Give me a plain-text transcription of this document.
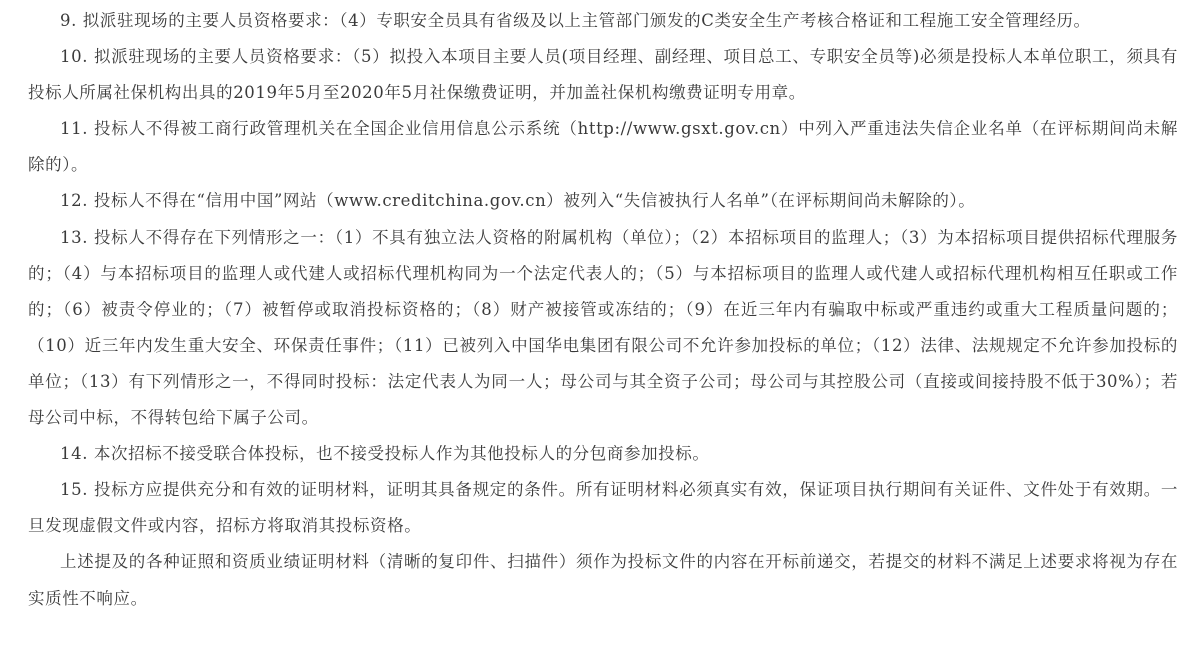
9. 拟派驻现场的主要人员资格要求：（4）专职安全员具有省级及以上主管部门颁发的C类安全生产考核合格证和工程施工安全管理经历。

10. 拟派驻现场的主要人员资格要求：（5）拟投入本项目主要人员(项目经理、副经理、项目总工、专职安全员等)必须是投标人本单位职工，须具有投标人所属社保机构出具的2019年5月至2020年5月社保缴费证明，并加盖社保机构缴费证明专用章。

11. 投标人不得被工商行政管理机关在全国企业信用信息公示系统（http://www.gsxt.gov.cn）中列入严重违法失信企业名单（在评标期间尚未解除的）。

12. 投标人不得在“信用中国”网站（www.creditchina.gov.cn）被列入“失信被执行人名单”（在评标期间尚未解除的）。

13. 投标人不得存在下列情形之一：（1）不具有独立法人资格的附属机构（单位）；（2）本招标项目的监理人；（3）为本招标项目提供招标代理服务的；（4）与本招标项目的监理人或代建人或招标代理机构同为一个法定代表人的；（5）与本招标项目的监理人或代建人或招标代理机构相互任职或工作的；（6）被责令停业的；（7）被暂停或取消投标资格的；（8）财产被接管或冻结的；（9）在近三年内有骗取中标或严重违约或重大工程质量问题的；（10）近三年内发生重大安全、环保责任事件；（11）已被列入中国华电集团有限公司不允许参加投标的单位；（12）法律、法规规定不允许参加投标的单位；（13）有下列情形之一，不得同时投标：法定代表人为同一人；母公司与其全资子公司；母公司与其控股公司（直接或间接持股不低于30%）；若母公司中标，不得转包给下属子公司。

14. 本次招标不接受联合体投标，也不接受投标人作为其他投标人的分包商参加投标。

15. 投标方应提供充分和有效的证明材料，证明其具备规定的条件。所有证明材料必须真实有效，保证项目执行期间有关证件、文件处于有效期。一旦发现虚假文件或内容，招标方将取消其投标资格。

上述提及的各种证照和资质业绩证明材料（清晰的复印件、扫描件）须作为投标文件的内容在开标前递交，若提交的材料不满足上述要求将视为存在实质性不响应。
